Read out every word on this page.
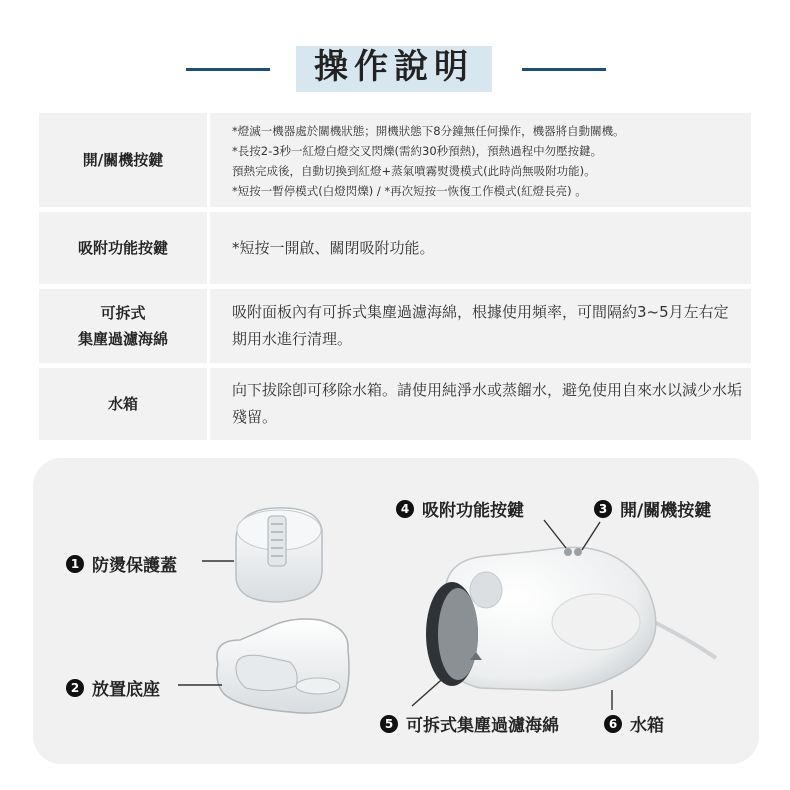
操作說明
開/關機按鍵
*燈滅一機器處於關機狀態；開機狀態下8分鐘無任何操作，機器將自動關機。
*長按2-3秒一紅燈白燈交叉閃爍(需約30秒預熱)，預熱過程中勿壓按鍵。
預熱完成後，自動切換到紅燈+蒸氣噴霧熨燙模式(此時尚無吸附功能)。
*短按一暫停模式(白燈閃爍) / *再次短按一恢復工作模式(紅燈長亮) 。
吸附功能按鍵	*短按一開啟、關閉吸附功能。
可拆式
集塵過濾海綿
吸附面板內有可拆式集塵過濾海綿，根據使用頻率，可間隔約3~5月左右定期用水進行清理。
水箱
向下拔除卽可移除水箱。請使用純淨水或蒸餾水，避免使用自來水以減少水垢殘留。
1 防燙保護蓋
2 放置底座
3 開/關機按鍵
4 吸附功能按鍵
5 可拆式集塵過濾海綿	6 水箱
